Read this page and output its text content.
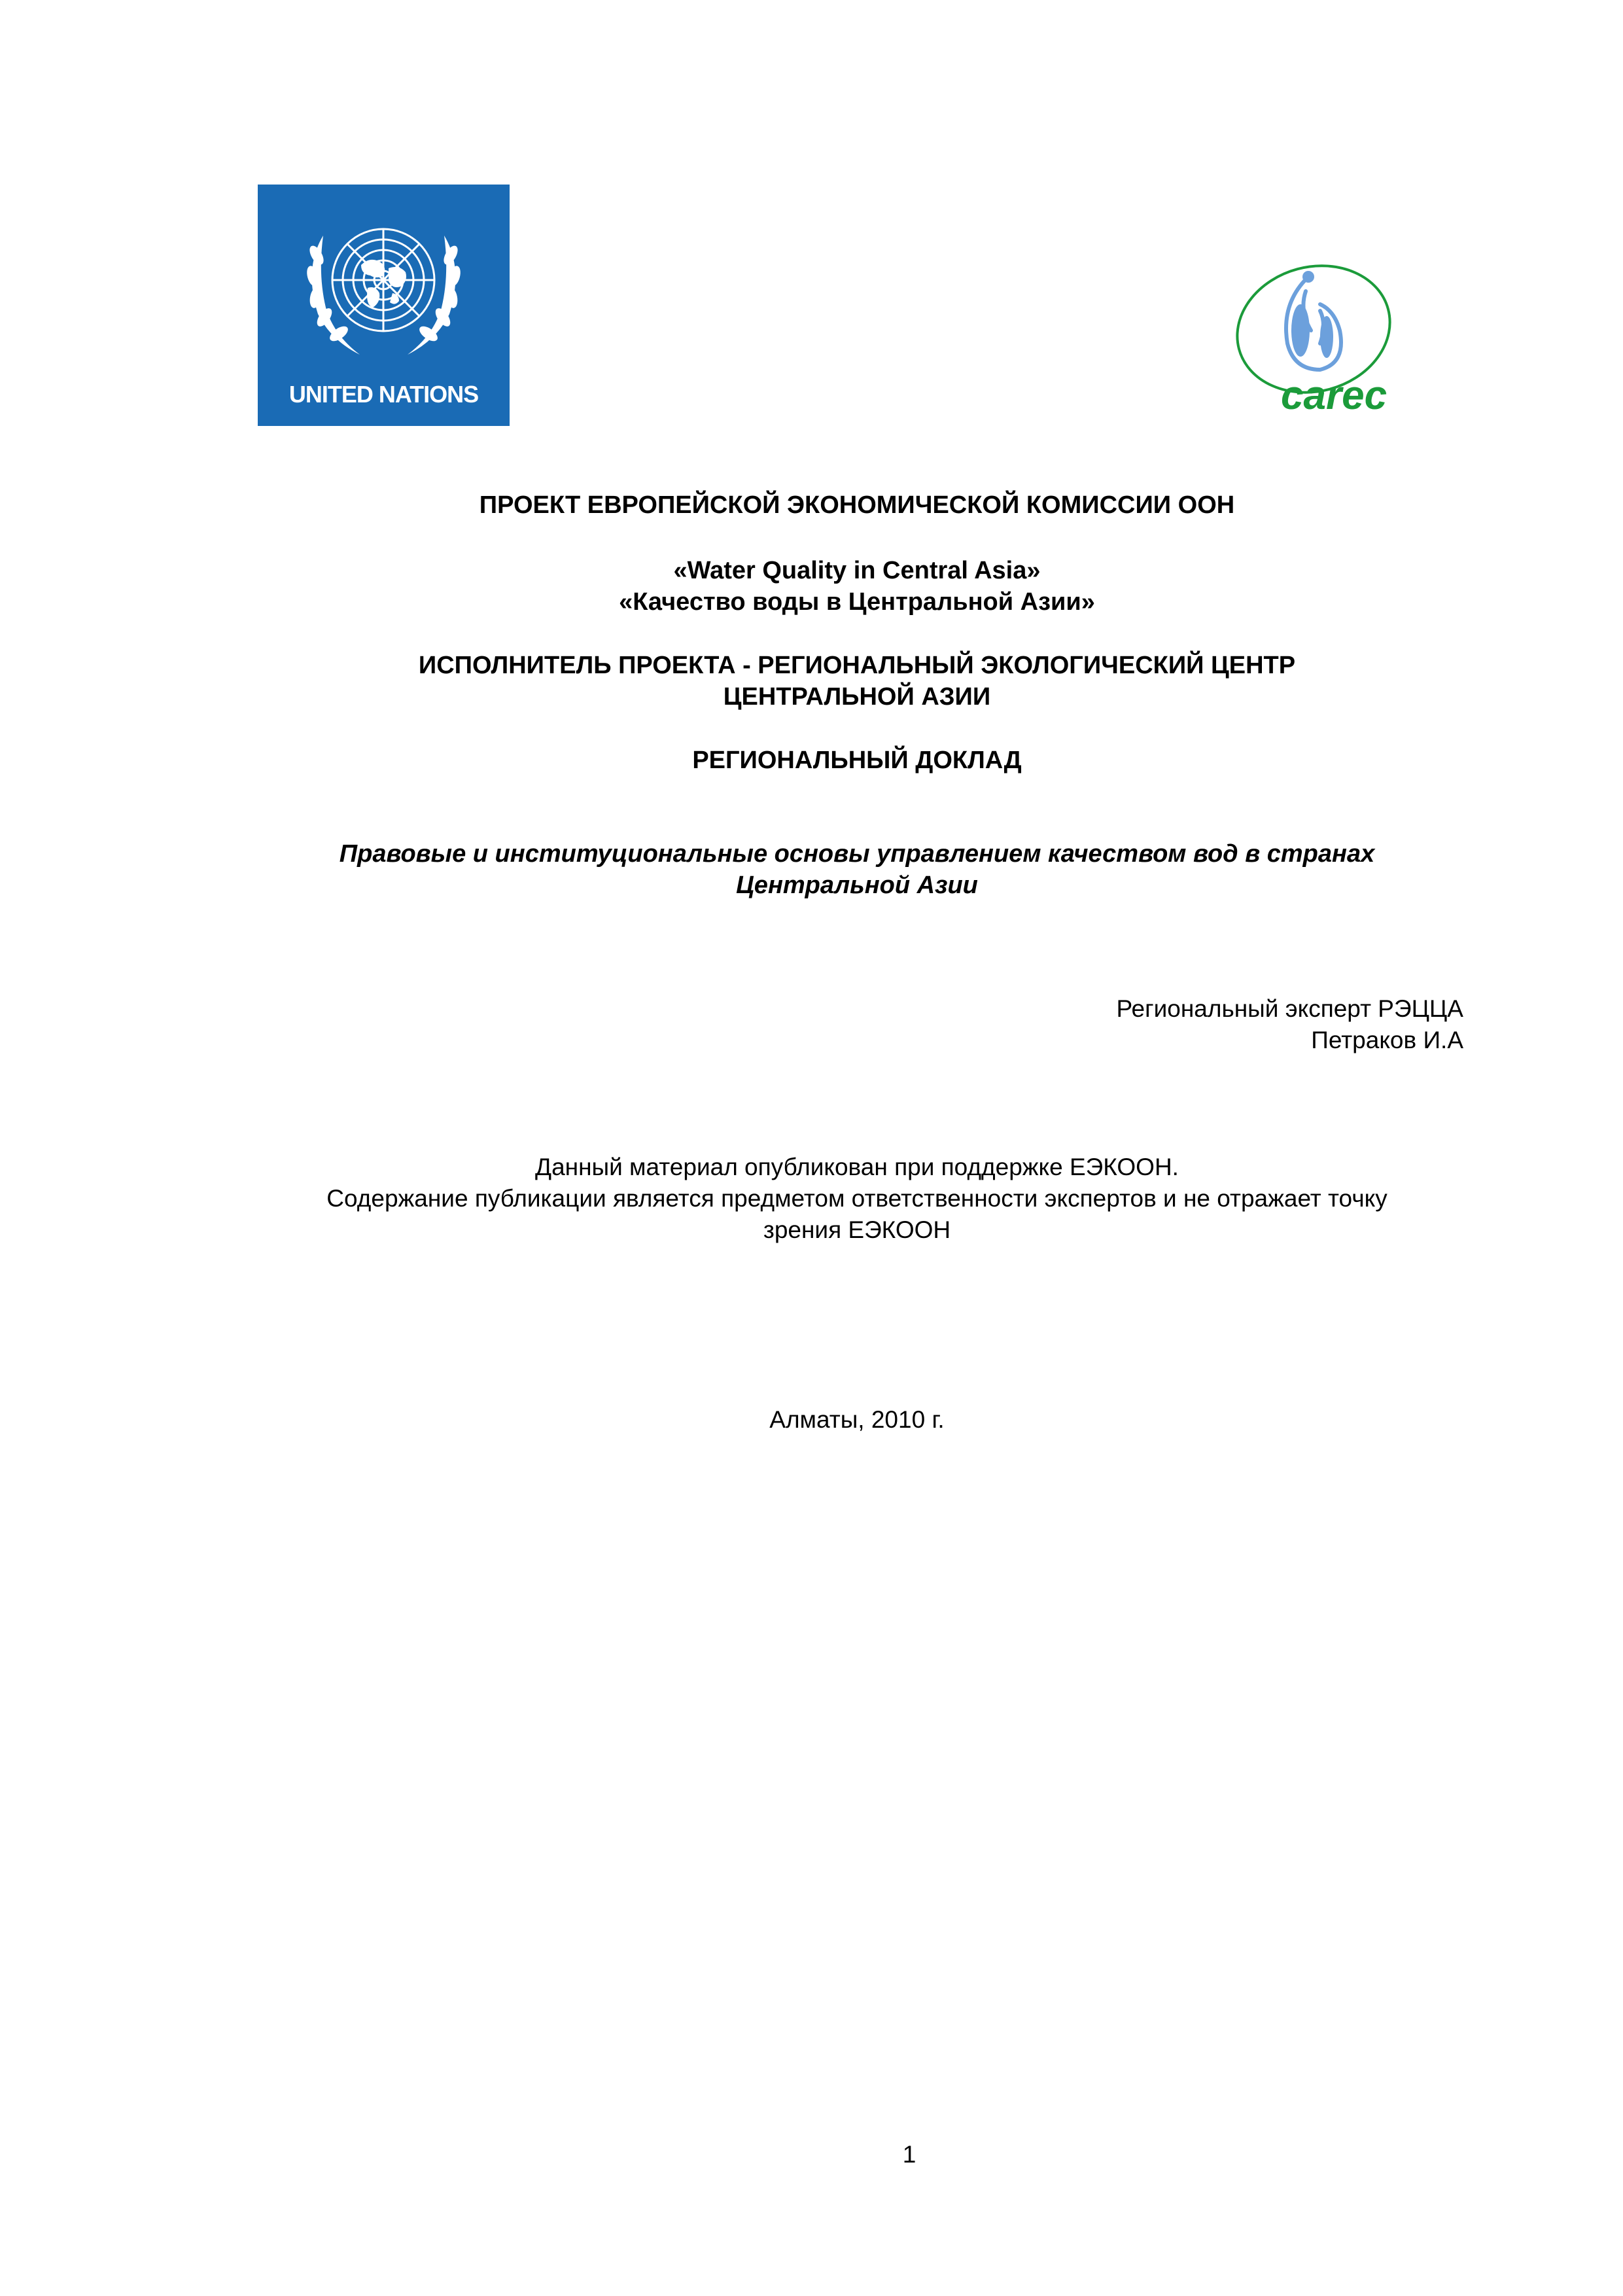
UNITED NATIONS	carec
ПРОЕКТ ЕВРОПЕЙСКОЙ ЭКОНОМИЧЕСКОЙ КОМИССИИ ООН
«Water Quality in Central Asia»
«Качество воды в Центральной Азии»
ИСПОЛНИТЕЛЬ ПРОЕКТА - РЕГИОНАЛЬНЫЙ ЭКОЛОГИЧЕСКИЙ ЦЕНТР
ЦЕНТРАЛЬНОЙ АЗИИ
РЕГИОНАЛЬНЫЙ ДОКЛАД
Правовые и институциональные основы управлением качеством вод в странах
Центральной Азии
Региональный эксперт РЭЦЦА
Петраков И.А
Данный материал опубликован при поддержке ЕЭКООН.
Содержание публикации является предметом ответственности экспертов и не отражает точку
зрения ЕЭКООН
Алматы, 2010 г.
1
